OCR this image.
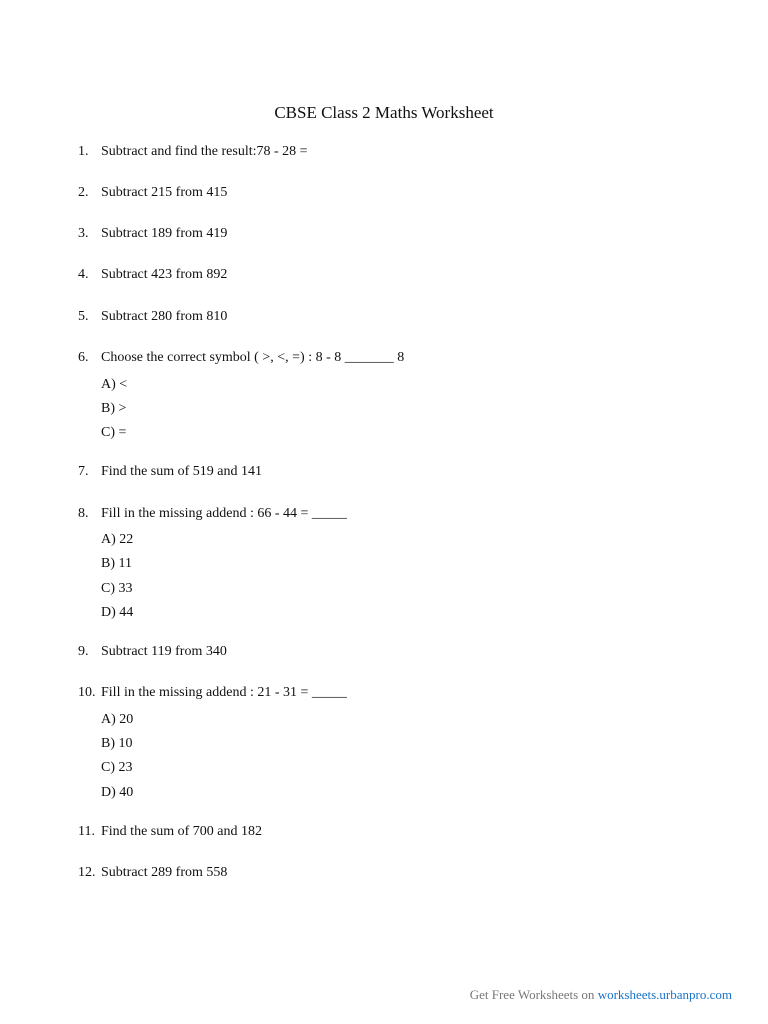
CBSE Class 2 Maths Worksheet
1. Subtract and find the result:78 - 28 =
2. Subtract 215 from 415
3. Subtract 189 from 419
4. Subtract 423 from 892
5. Subtract 280 from 810
6. Choose the correct symbol ( >, <, =) : 8 - 8 _______ 8
A) <
B) >
C) =
7. Find the sum of 519 and 141
8. Fill in the missing addend : 66 - 44 = _____
A) 22
B) 11
C) 33
D) 44
9. Subtract 119 from 340
10. Fill in the missing addend : 21 - 31 = _____
A) 20
B) 10
C) 23
D) 40
11. Find the sum of 700 and 182
12. Subtract 289 from 558
Get Free Worksheets on worksheets.urbanpro.com
